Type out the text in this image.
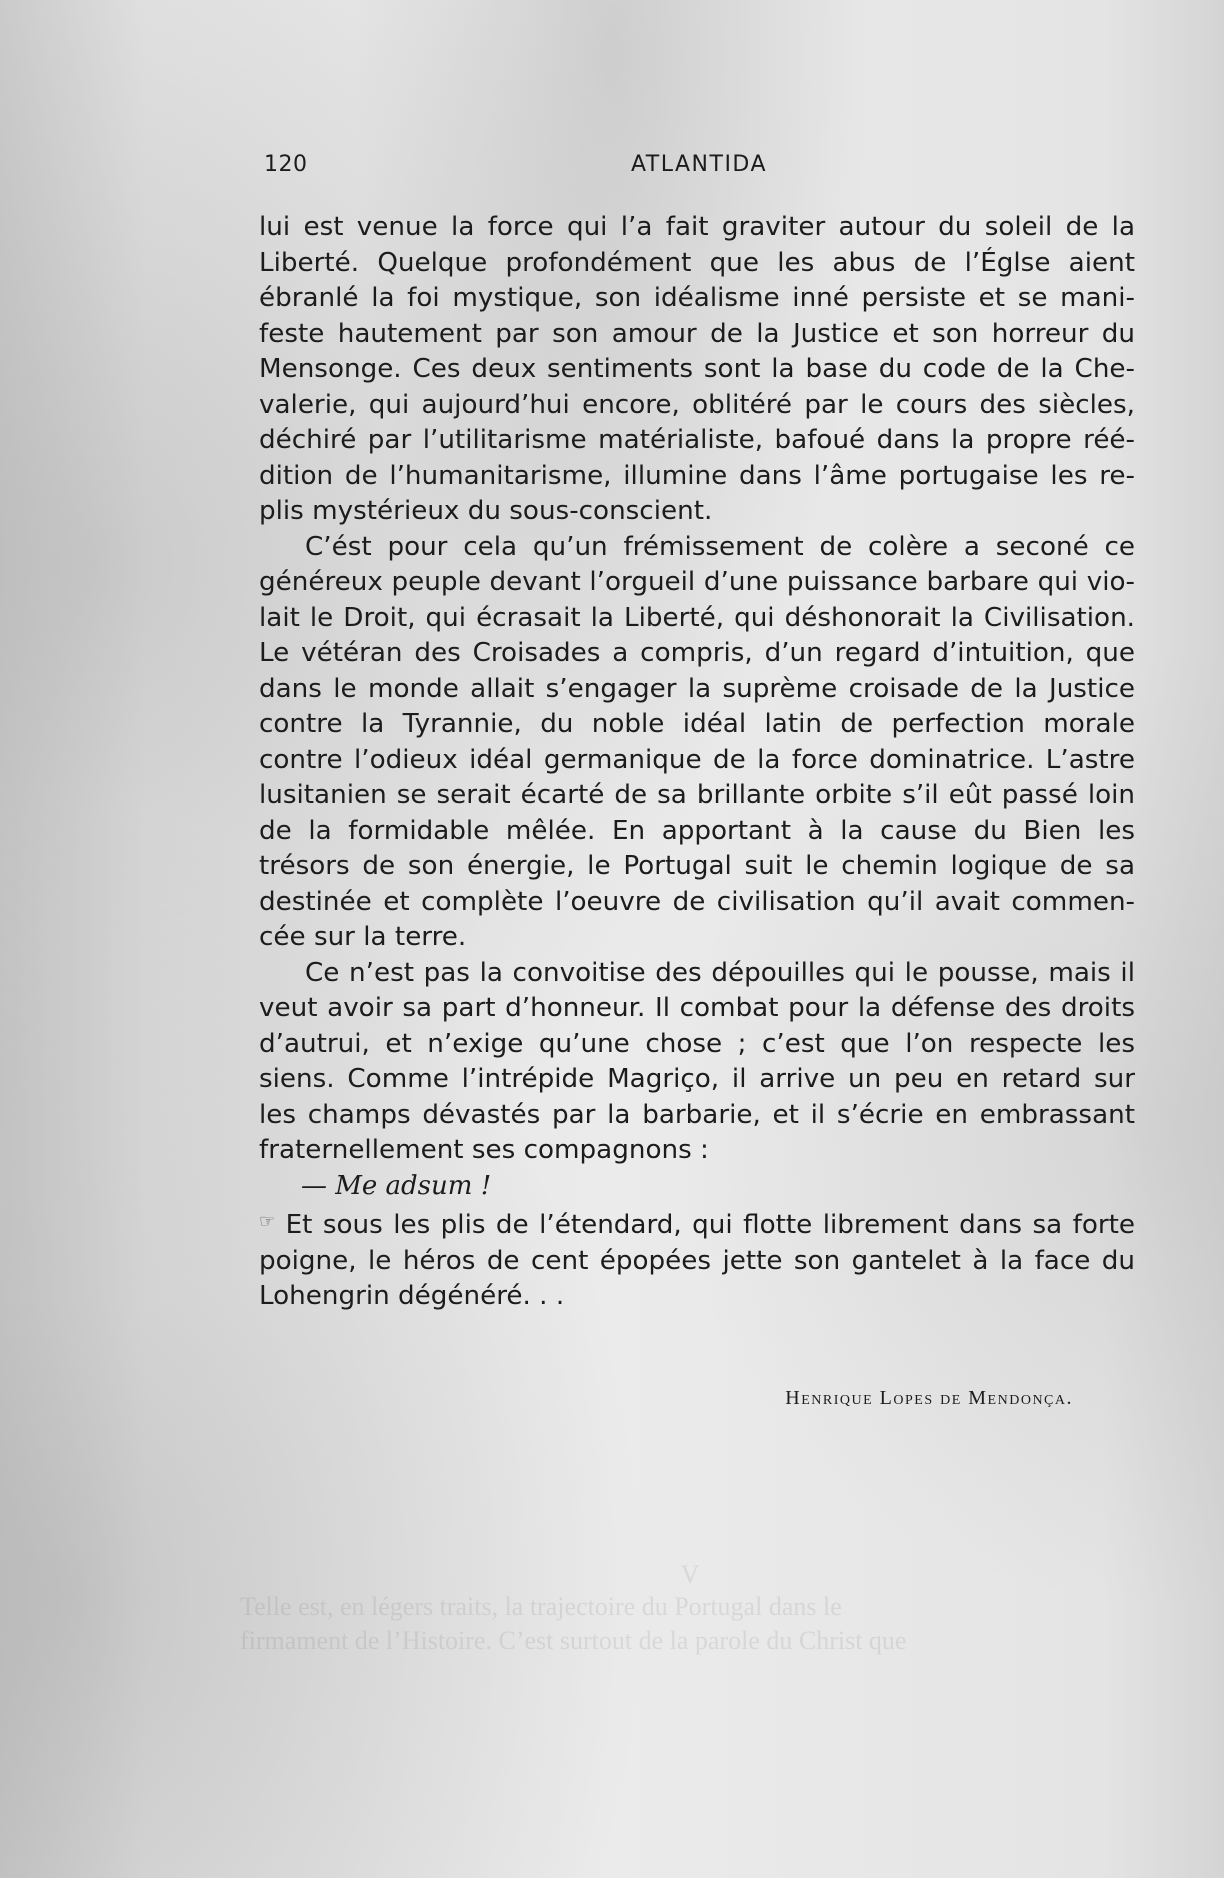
120	ATLANTIDA

lui est venue la force qui l’a fait graviter autour du soleil de la Liberté. Quelque profondément que les abus de l’Églse aient ébranlé la foi mystique, son idéalisme inné persiste et se manifeste hautement par son amour de la Justice et son horreur du Mensonge. Ces deux sentiments sont la base du code de la Chevalerie, qui aujourd’hui encore, oblitéré par le cours des siècles, déchiré par l’utilitarisme matérialiste, bafoué dans la propre réédition de l’humanitarisme, illumine dans l’âme portugaise les replis mystérieux du sous-conscient.

C’ést pour cela qu’un frémissement de colère a seconé ce généreux peuple devant l’orgueil d’une puissance barbare qui violait le Droit, qui écrasait la Liberté, qui déshonorait la Civilisation. Le vétéran des Croisades a compris, d’un regard d’intuition, que dans le monde allait s’engager la suprème croisade de la Justice contre la Tyrannie, du noble idéal latin de perfection morale contre l’odieux idéal germanique de la force dominatrice. L’astre lusitanien se serait écarté de sa brillante orbite s’il eût passé loin de la formidable mêlée. En apportant à la cause du Bien les trésors de son énergie, le Portugal suit le chemin logique de sa destinée et complète l’oeuvre de civilisation qu’il avait commencée sur la terre.

Ce n’est pas la convoitise des dépouilles qui le pousse, mais il veut avoir sa part d’honneur. Il combat pour la défense des droits d’autrui, et n’exige qu’une chose ; c’est que l’on respecte les siens. Comme l’intrépide Magriço, il arrive un peu en retard sur les champs dévastés par la barbarie, et il s’écrie en embrassant fraternellement ses compagnons :

— Me adsum !

☞ Et sous les plis de l’étendard, qui flotte librement dans sa forte poigne, le héros de cent épopées jette son gantelet à la face du Lohengrin dégénéré. . .

Henrique Lopes de Mendonça.
V
Telle est, en légers traits, la trajectoire du Portugal dans le
firmament de l’Histoire. C’est surtout de la parole du Christ que
